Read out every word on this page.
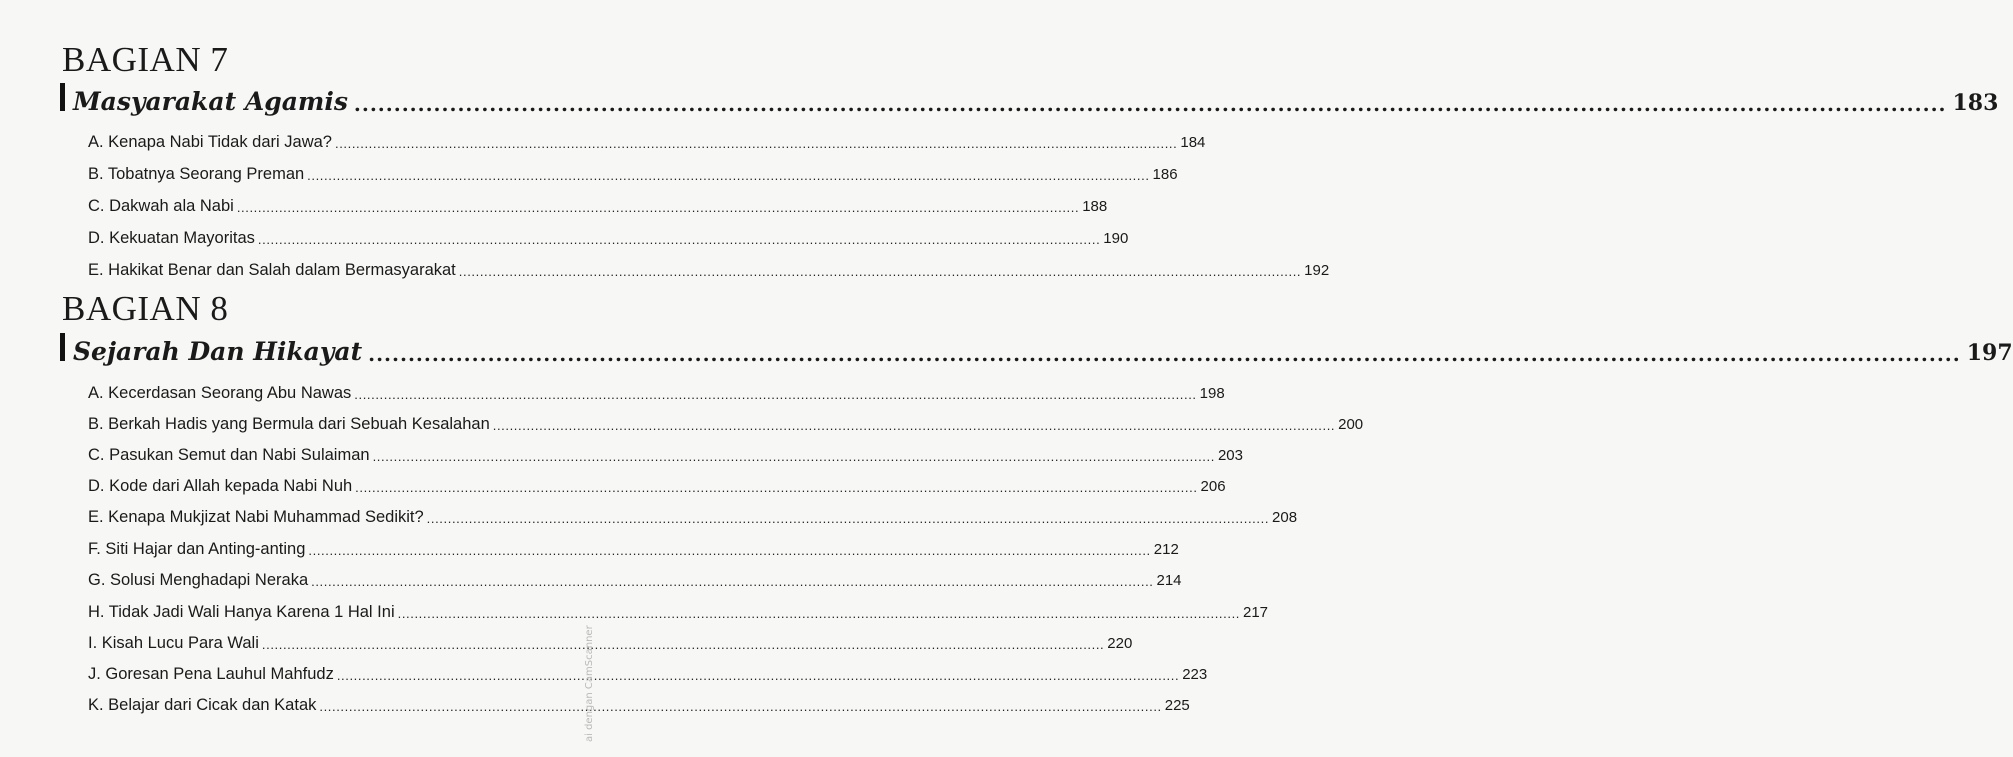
BAGIAN 7
Masyarakat Agamis ........................................................................................................................................................................................................ 183
A. Kenapa Nabi Tidak dari Jawa? ........................................................................................................................................................................................................ 184
B. Tobatnya Seorang Preman ........................................................................................................................................................................................................ 186
C. Dakwah ala Nabi ........................................................................................................................................................................................................ 188
D. Kekuatan Mayoritas ........................................................................................................................................................................................................ 190
E. Hakikat Benar dan Salah dalam Bermasyarakat ........................................................................................................................................................................................................ 192
BAGIAN 8
Sejarah Dan Hikayat ........................................................................................................................................................................................................ 197
A. Kecerdasan Seorang Abu Nawas ........................................................................................................................................................................................................ 198
B. Berkah Hadis yang Bermula dari Sebuah Kesalahan ........................................................................................................................................................................................................ 200
C. Pasukan Semut dan Nabi Sulaiman ........................................................................................................................................................................................................ 203
D. Kode dari Allah kepada Nabi Nuh ........................................................................................................................................................................................................ 206
E. Kenapa Mukjizat Nabi Muhammad Sedikit? ........................................................................................................................................................................................................ 208
F. Siti Hajar dan Anting-anting ........................................................................................................................................................................................................ 212
G. Solusi Menghadapi Neraka ........................................................................................................................................................................................................ 214
H. Tidak Jadi Wali Hanya Karena 1 Hal Ini ........................................................................................................................................................................................................ 217
I. Kisah Lucu Para Wali ........................................................................................................................................................................................................ 220
J. Goresan Pena Lauhul Mahfudz ........................................................................................................................................................................................................ 223
K. Belajar dari Cicak dan Katak ........................................................................................................................................................................................................ 225
ai dengan CamScanner
